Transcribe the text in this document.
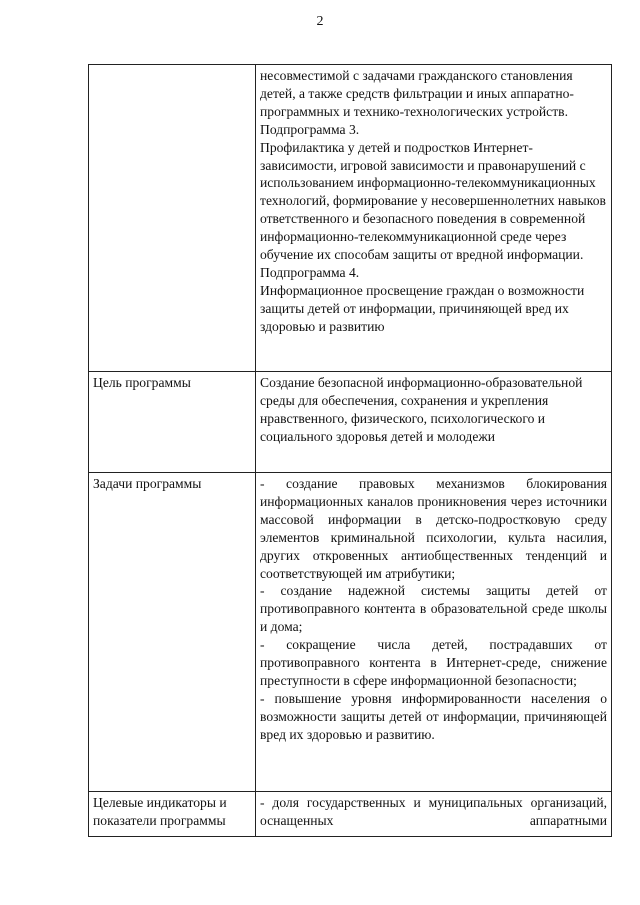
2

	несовместимой с задачами гражданского становления детей, а также средств фильтрации и иных аппаратно-программных и технико-технологических устройств.
Подпрограмма 3.
Профилактика у детей и подростков Интернет-зависимости, игровой зависимости и правонарушений с использованием информационно-телекоммуникационных технологий, формирование у несовершеннолетних навыков ответственного и безопасного поведения в современной информационно-телекоммуникационной среде через обучение их способам защиты от вредной информации.
Подпрограмма 4.
Информационное просвещение граждан о возможности защиты детей от информации, причиняющей вред их здоровью и развитию

Цель программы	Создание безопасной информационно-образовательной среды для обеспечения, сохранения и укрепления нравственного, физического, психологического и социального здоровья детей и молодежи

Задачи программы	- создание правовых механизмов блокирования информационных каналов проникновения через источники массовой информации в детско-подростковую среду элементов криминальной психологии, культа насилия, других откровенных антиобщественных тенденций и соответствующей им атрибутики;
- создание надежной системы защиты детей от противоправного контента в образовательной среде школы и дома;
- сокращение числа детей, пострадавших от противоправного контента в Интернет-среде, снижение преступности в сфере информационной безопасности;
- повышение уровня информированности населения о возможности защиты детей от информации, причиняющей вред их здоровью и развитию.

Целевые индикаторы и показатели программы	- доля государственных и муниципальных организаций, оснащенных аппаратными
